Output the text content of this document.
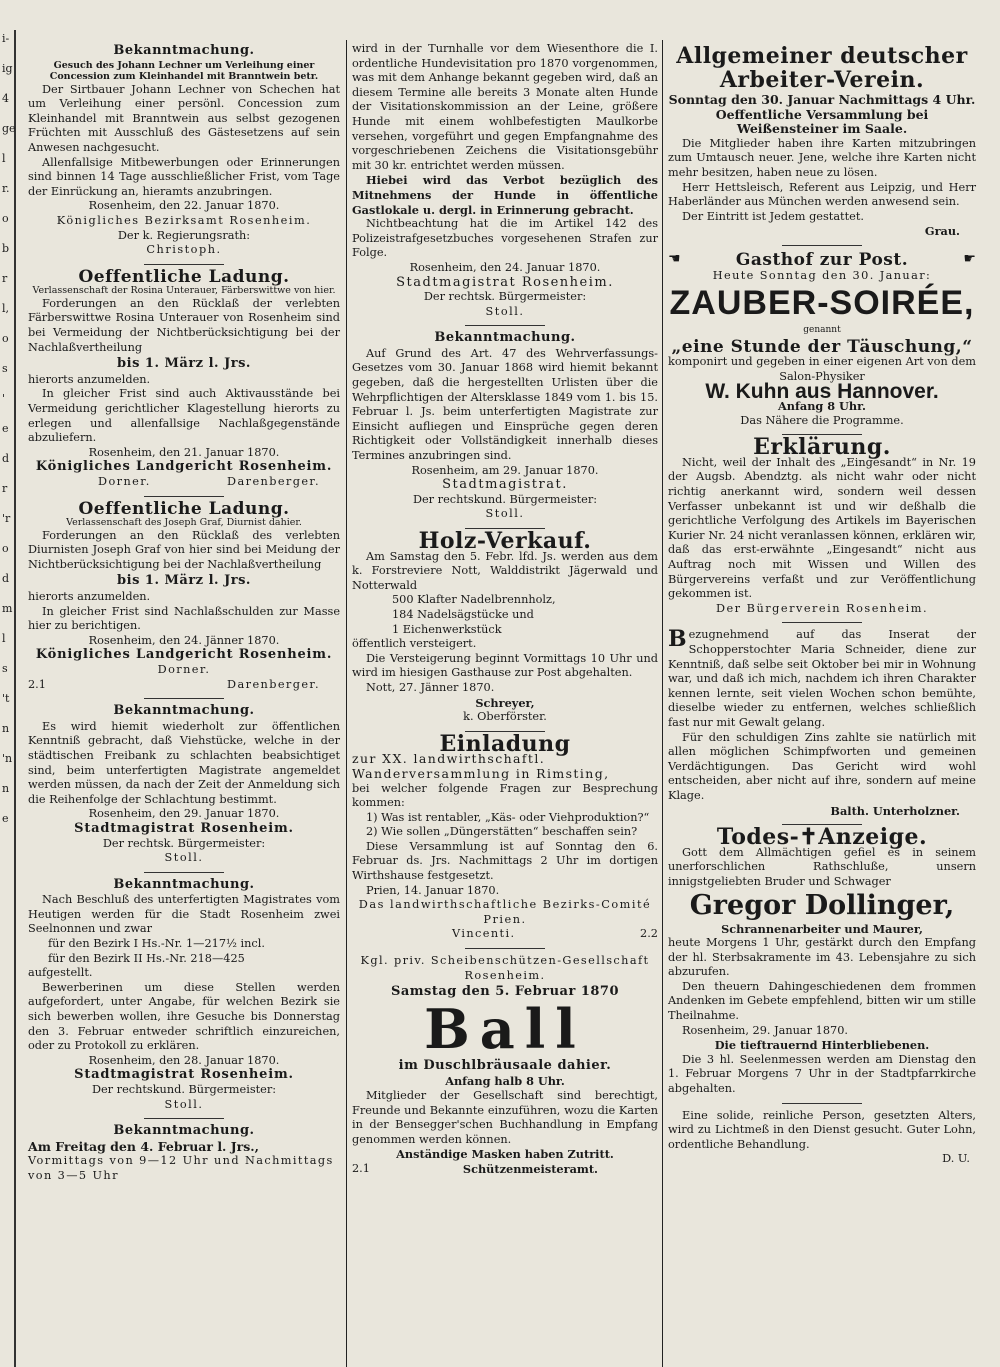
i-
ig
4
ge
l
r.
o
b
r
l,
o
s
'
e
d
r
'r
o
d
m
l
s
't
n
'n
n
e
Bekanntmachung.
Gesuch des Johann Lechner um Verleihung einer Concession zum Kleinhandel mit Branntwein betr.

Der Sirtbauer Johann Lechner von Schechen hat um Verleihung einer persönl. Concession zum Kleinhandel mit Branntwein aus selbst gezogenen Früchten mit Ausschluß des Gästesetzens auf sein Anwesen nachgesucht.

Allenfallsige Mitbewerbungen oder Erinnerungen sind binnen 14 Tage ausschließlicher Frist, vom Tage der Einrückung an, hieramts anzubringen.

Rosenheim, den 22. Januar 1870.
Königliches Bezirksamt Rosenheim.
Der k. Regierungsrath:
Christoph.
Oeffentliche Ladung.
Verlassenschaft der Rosina Unterauer, Färberswittwe von hier.

Forderungen an den Rücklaß der verlebten Färberswittwe Rosina Unterauer von Rosenheim sind bei Vermeidung der Nichtberücksichtigung bei der Nachlaßvertheilung

bis 1. März l. Jrs.

hierorts anzumelden.

In gleicher Frist sind auch Aktivausstände bei Vermeidung gerichtlicher Klagestellung hierorts zu erlegen und allenfallsige Nachlaßgegenstände abzuliefern.

Rosenheim, den 21. Januar 1870.
Königliches Landgericht Rosenheim.
Dorner.	Darenberger.
Oeffentliche Ladung.
Verlassenschaft des Joseph Graf, Diurnist dahier.

Forderungen an den Rücklaß des verlebten Diurnisten Joseph Graf von hier sind bei Meidung der Nichtberücksichtigung bei der Nachlaßvertheilung

bis 1. März l. Jrs.

hierorts anzumelden.

In gleicher Frist sind Nachlaßschulden zur Masse hier zu berichtigen.

Rosenheim, den 24. Jänner 1870.
Königliches Landgericht Rosenheim.
Dorner.
2.1	Darenberger.
Bekanntmachung.

Es wird hiemit wiederholt zur öffentlichen Kenntniß gebracht, daß Viehstücke, welche in der städtischen Freibank zu schlachten beabsichtiget sind, beim unterfertigten Magistrate angemeldet werden müssen, da nach der Zeit der Anmeldung sich die Reihenfolge der Schlachtung bestimmt.

Rosenheim, den 29. Januar 1870.
Stadtmagistrat Rosenheim.
Der rechtsk. Bürgermeister:
Stoll.
Bekanntmachung.

Nach Beschluß des unterfertigten Magistrates vom Heutigen werden für die Stadt Rosenheim zwei Seelnonnen und zwar

für den Bezirk I Hs.-Nr. 1—217½ incl.
für den Bezirk II Hs.-Nr. 218—425
aufgestellt.

Bewerberinen um diese Stellen werden aufgefordert, unter Angabe, für welchen Bezirk sie sich bewerben wollen, ihre Gesuche bis Donnerstag den 3. Februar entweder schriftlich einzureichen, oder zu Protokoll zu erklären.

Rosenheim, den 28. Januar 1870.
Stadtmagistrat Rosenheim.
Der rechtskund. Bürgermeister:
Stoll.
Bekanntmachung.
Am Freitag den 4. Februar l. Jrs.,
Vormittags von 9—12 Uhr und Nachmittags von 3—5 Uhr

wird in der Turnhalle vor dem Wiesenthore die I. ordentliche Hundevisitation pro 1870 vorgenommen, was mit dem Anhange bekannt gegeben wird, daß an diesem Termine alle bereits 3 Monate alten Hunde der Visitationskommission an der Leine, größere Hunde mit einem wohlbefestigten Maulkorbe versehen, vorgeführt und gegen Empfangnahme des vorgeschriebenen Zeichens die Visitationsgebühr mit 30 kr. entrichtet werden müssen.

Hiebei wird das Verbot bezüglich des Mitnehmens der Hunde in öffentliche Gastlokale u. dergl. in Erinnerung gebracht.

Nichtbeachtung hat die im Artikel 142 des Polizeistrafgesetzbuches vorgesehenen Strafen zur Folge.

Rosenheim, den 24. Januar 1870.
Stadtmagistrat Rosenheim.
Der rechtsk. Bürgermeister:
Stoll.
Bekanntmachung.

Auf Grund des Art. 47 des Wehrverfassungs-Gesetzes vom 30. Januar 1868 wird hiemit bekannt gegeben, daß die hergestellten Urlisten über die Wehrpflichtigen der Altersklasse 1849 vom 1. bis 15. Februar l. Js. beim unterfertigten Magistrate zur Einsicht aufliegen und Einsprüche gegen deren Richtigkeit oder Vollständigkeit innerhalb dieses Termines anzubringen sind.

Rosenheim, am 29. Januar 1870.
Stadtmagistrat.
Der rechtskund. Bürgermeister:
Stoll.
Holz-Verkauf.

Am Samstag den 5. Febr. lfd. Js. werden aus dem k. Forstreviere Nott, Walddistrikt Jägerwald und Notterwald

500 Klafter Nadelbrennholz,
184 Nadelsägstücke und
1 Eichenwerkstück

öffentlich versteigert.

Die Versteigerung beginnt Vormittags 10 Uhr und wird im hiesigen Gasthause zur Post abgehalten.

Nott, 27. Jänner 1870.
Schreyer,
k. Oberförster.
Einladung
zur XX. landwirthschaftl. Wanderversammlung in Rimsting,

bei welcher folgende Fragen zur Besprechung kommen:

1) Was ist rentabler, „Käs- oder Viehproduktion?“

2) Wie sollen „Düngerstätten“ beschaffen sein?

Diese Versammlung ist auf Sonntag den 6. Februar ds. Jrs. Nachmittags 2 Uhr im dortigen Wirthshause festgesetzt.

Prien, 14. Januar 1870.
Das landwirthschaftliche Bezirks-Comité Prien.
Vincenti.	2.2
Kgl. priv. Scheibenschützen-Gesellschaft Rosenheim.
Samstag den 5. Februar 1870
Ball
im Duschlbräusaale dahier.
Anfang halb 8 Uhr.

Mitglieder der Gesellschaft sind berechtigt, Freunde und Bekannte einzuführen, wozu die Karten in der Bensegger'schen Buchhandlung in Empfang genommen werden können.

Anständige Masken haben Zutritt.
2.1	Schützenmeisteramt.
Allgemeiner deutscher Arbeiter-Verein.
Sonntag den 30. Januar Nachmittags 4 Uhr. Oeffentliche Versammlung bei Weißensteiner im Saale.

Die Mitglieder haben ihre Karten mitzubringen zum Umtausch neuer. Jene, welche ihre Karten nicht mehr besitzen, haben neue zu lösen.

Herr Hettsleisch, Referent aus Leipzig, und Herr Haberländer aus München werden anwesend sein.

Der Eintritt ist Jedem gestattet.

Grau.
☚	Gasthof zur Post.	☛
Heute Sonntag den 30. Januar:
ZAUBER-SOIRÉE,
genannt
„eine Stunde der Täuschung,“

komponirt und gegeben in einer eigenen Art von dem Salon-Physiker

W. Kuhn aus Hannover.
Anfang 8 Uhr.
Das Nähere die Programme.
Erklärung.

Nicht, weil der Inhalt des „Eingesandt“ in Nr. 19 der Augsb. Abendztg. als nicht wahr oder nicht richtig anerkannt wird, sondern weil dessen Verfasser unbekannt ist und wir deßhalb die gerichtliche Verfolgung des Artikels im Bayerischen Kurier Nr. 24 nicht veranlassen können, erklären wir, daß das erst-erwähnte „Eingesandt“ nicht aus Auftrag noch mit Wissen und Willen des Bürgervereins verfaßt und zur Veröffentlichung gekommen ist.

Der Bürgerverein Rosenheim.

Bezugnehmend auf das Inserat der Schopperstochter Maria Schneider, diene zur Kenntniß, daß selbe seit Oktober bei mir in Wohnung war, und daß ich mich, nachdem ich ihren Charakter kennen lernte, seit vielen Wochen schon bemühte, dieselbe wieder zu entfernen, welches schließlich fast nur mit Gewalt gelang.

Für den schuldigen Zins zahlte sie natürlich mit allen möglichen Schimpfworten und gemeinen Verdächtigungen. Das Gericht wird wohl entscheiden, aber nicht auf ihre, sondern auf meine Klage.

Balth. Unterholzner.
Todes-✝Anzeige.

Gott dem Allmächtigen gefiel es in seinem unerforschlichen Rathschluße, unsern innigstgeliebten Bruder und Schwager

Gregor Dollinger,
Schrannenarbeiter und Maurer,

heute Morgens 1 Uhr, gestärkt durch den Empfang der hl. Sterbsakramente im 43. Lebensjahre zu sich abzurufen.

Den theuern Dahingeschiedenen dem frommen Andenken im Gebete empfehlend, bitten wir um stille Theilnahme.

Rosenheim, 29. Januar 1870.
Die tieftrauernd Hinterbliebenen.

Die 3 hl. Seelenmessen werden am Dienstag den 1. Februar Morgens 7 Uhr in der Stadtpfarrkirche abgehalten.

Eine solide, reinliche Person, gesetzten Alters, wird zu Lichtmeß in den Dienst gesucht. Guter Lohn, ordentliche Behandlung.

D. U.
